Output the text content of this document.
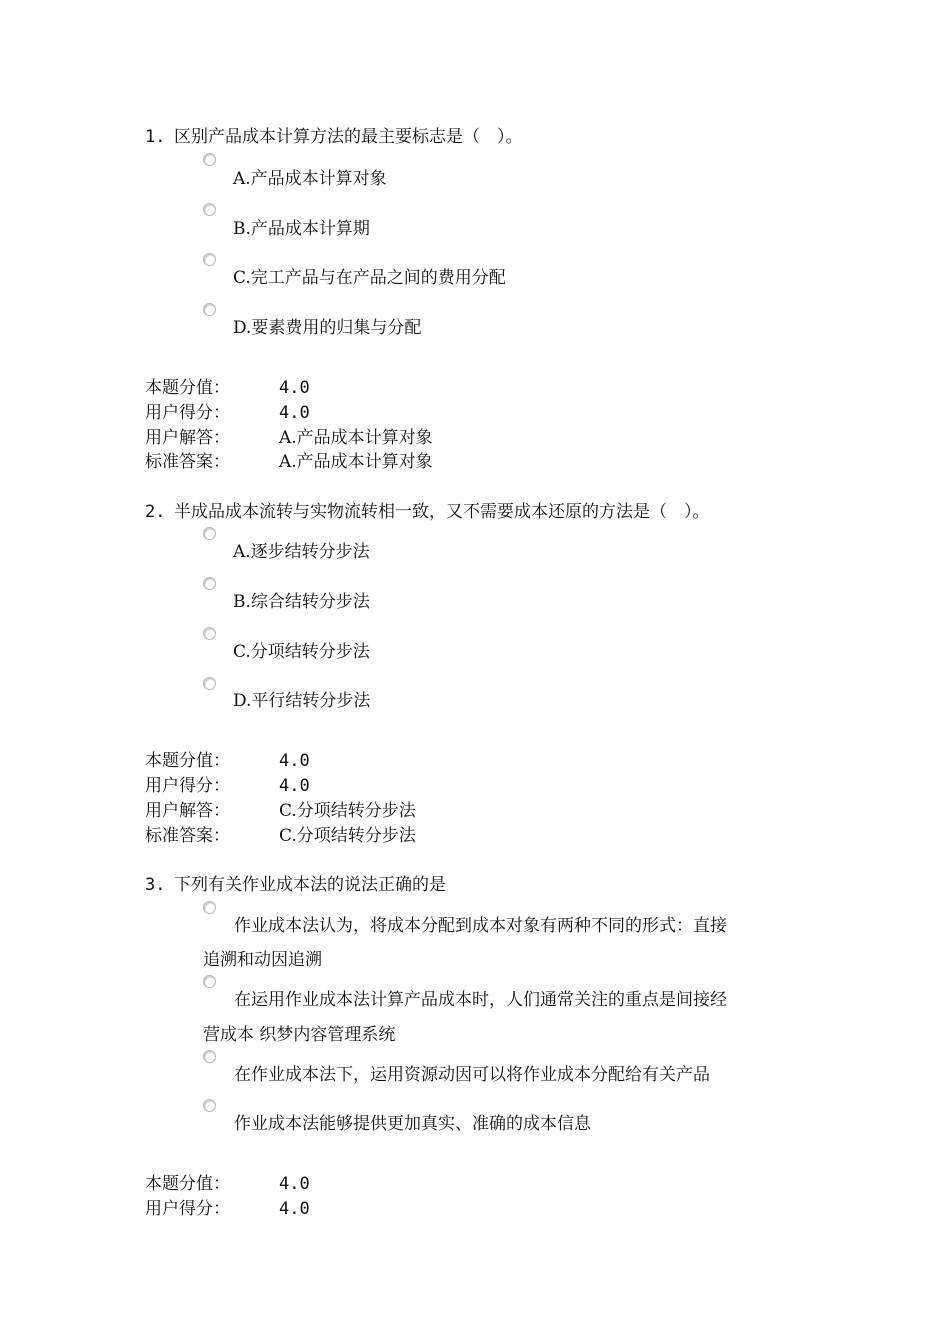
1. 区别产品成本计算方法的最主要标志是（　）。
A.产品成本计算对象
B.产品成本计算期
C.完工产品与在产品之间的费用分配
D.要素费用的归集与分配
本题分值：	4.0
用户得分：	4.0
用户解答：	A.产品成本计算对象
标准答案：	A.产品成本计算对象
2. 半成品成本流转与实物流转相一致，又不需要成本还原的方法是（　）。
A.逐步结转分步法
B.综合结转分步法
C.分项结转分步法
D.平行结转分步法
本题分值：	4.0
用户得分：	4.0
用户解答：	C.分项结转分步法
标准答案：	C.分项结转分步法
3. 下列有关作业成本法的说法正确的是
作业成本法认为，将成本分配到成本对象有两种不同的形式：直接
追溯和动因追溯
在运用作业成本法计算产品成本时，人们通常关注的重点是间接经
营成本 织梦内容管理系统
在作业成本法下，运用资源动因可以将作业成本分配给有关产品
作业成本法能够提供更加真实、准确的成本信息
本题分值：	4.0
用户得分：	4.0
